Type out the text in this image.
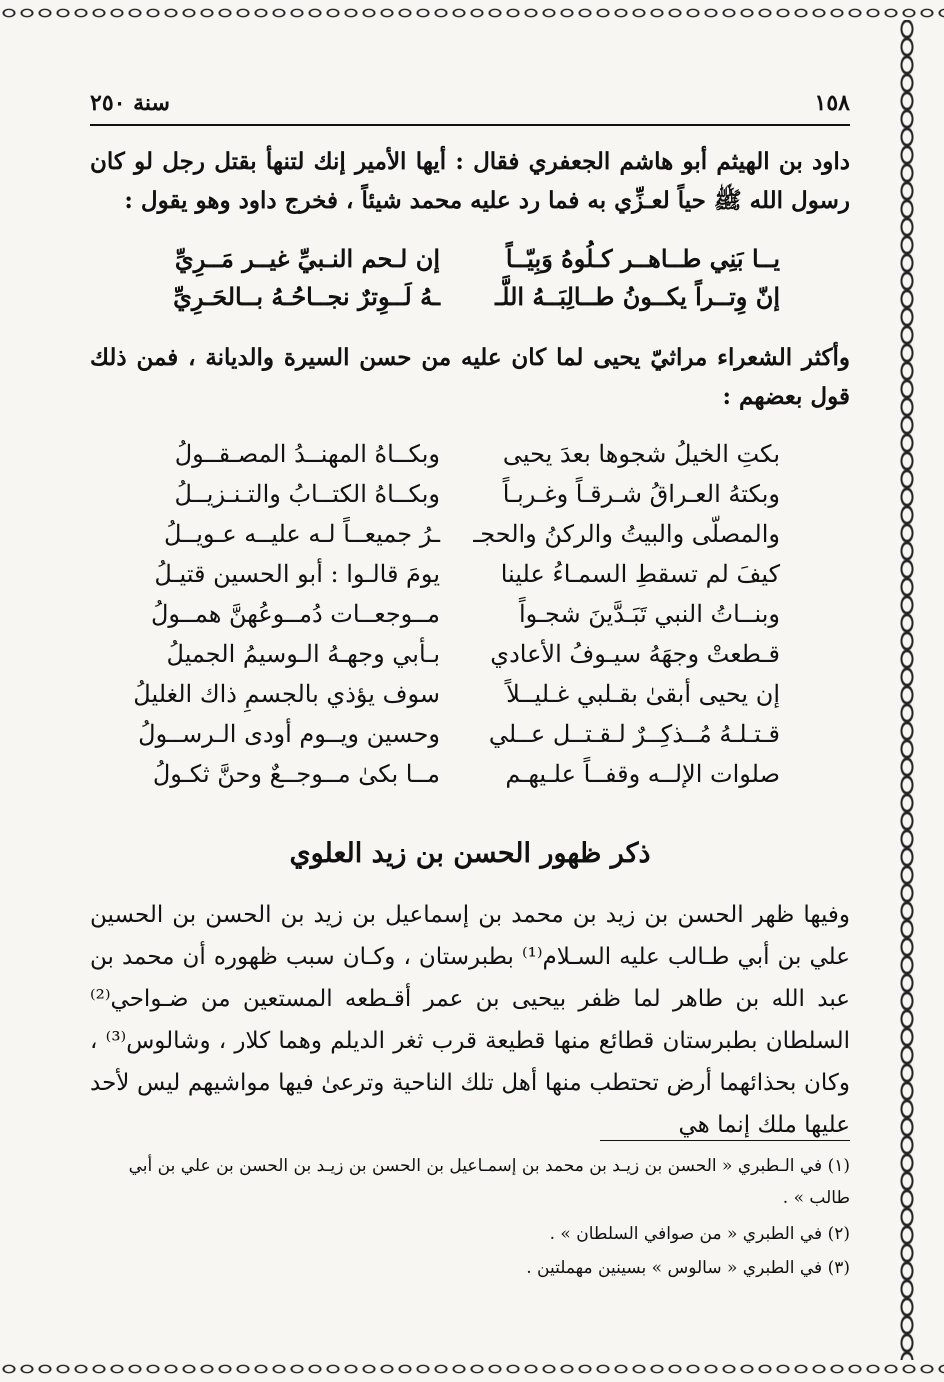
١٥٨
سنة ٢٥٠
داود بن الهيثم أبو هاشم الجعفري فقال : أيها الأمير إنك لتنهأ بقتل رجل لو كان رسول الله ﷺ حياً لعـزِّي به فما رد عليه محمد شيئاً ، فخرج داود وهو يقول :
يــا بَنِي طــاهــر كـلُوهُ وَبِيّــاً
إن لـحم النـبيِّ غيــر مَــرِيِّ
إنّ وِتــراً يكــونُ طــالِبَــهُ اللَّـ
ـهُ لَــوِترٌ نجــاحُـهُ بــالحَـرِيِّ
وأكثر الشعراء مراثيّ يحيى لما كان عليه من حسن السيرة والديانة ، فمن ذلك قول بعضهم :
بكتِ الخيلُ شجوها بعدَ يحيى
وبكــاهُ المهنــدُ المصـقــولُ
وبكتهُ العـراقُ شـرقـاً وغـربـاً
وبكــاهُ الكتــابُ والتـنـزيــلُ
والمصلّى والبيتُ والركنُ والحجـ
ـرُ جميعــاً لـه عليــه عـويــلُ
كيفَ لم تسقطِ السمـاءُ علينا
يومَ قالـوا : أبو الحسين قتيـلُ
وبنــاتُ النبي تَبَـدَّينَ شجـواً
مــوجعــات دُمــوعُهنَّ همــولُ
قـطعتْ وجهَهُ سيـوفُ الأعادي
بـأبي وجهـهُ الـوسيمُ الجميلُ
إن يحيى أبقىٰ بقـلبي غـليــلاً
سوف يؤذي بالجسمِ ذاك الغليلُ
قـتـلـهُ مُــذكِــرٌ لـقـتــل عــلي
وحسين ويــوم أودى الـرســولُ
صلوات الإلــه وقفــاً علـيهـم
مــا بكىٰ مــوجــعٌ وحنَّ ثكـولُ
ذكر ظهور الحسن بن زيد العلوي
وفيها ظهر الحسن بن زيد بن محمد بن إسماعيل بن زيد بن الحسن بن الحسين علي بن أبي طـالب عليه السـلام⁽¹⁾ بطبرستان ، وكـان سبب ظهوره أن محمد بن عبد الله بن طاهر لما ظفر بيحيى بن عمر أقـطعه المستعين من ضـواحي⁽²⁾ السلطان بطبرستان قطائع منها قطيعة قرب ثغر الديلم وهما كلار ، وشالوس⁽³⁾ ، وكان بحذائهما أرض تحتطب منها أهل تلك الناحية وترعىٰ فيها مواشيهم ليس لأحد عليها ملك إنما هي
(١) في الـطبري « الحسن بن زيـد بن محمد بن إسمـاعيل بن الحسن بن زيـد بن الحسن بن علي بن أبي طالب » .
(٢) في الطبري « من صوافي السلطان » .
(٣) في الطبري « سالوس » بسينين مهملتين .
